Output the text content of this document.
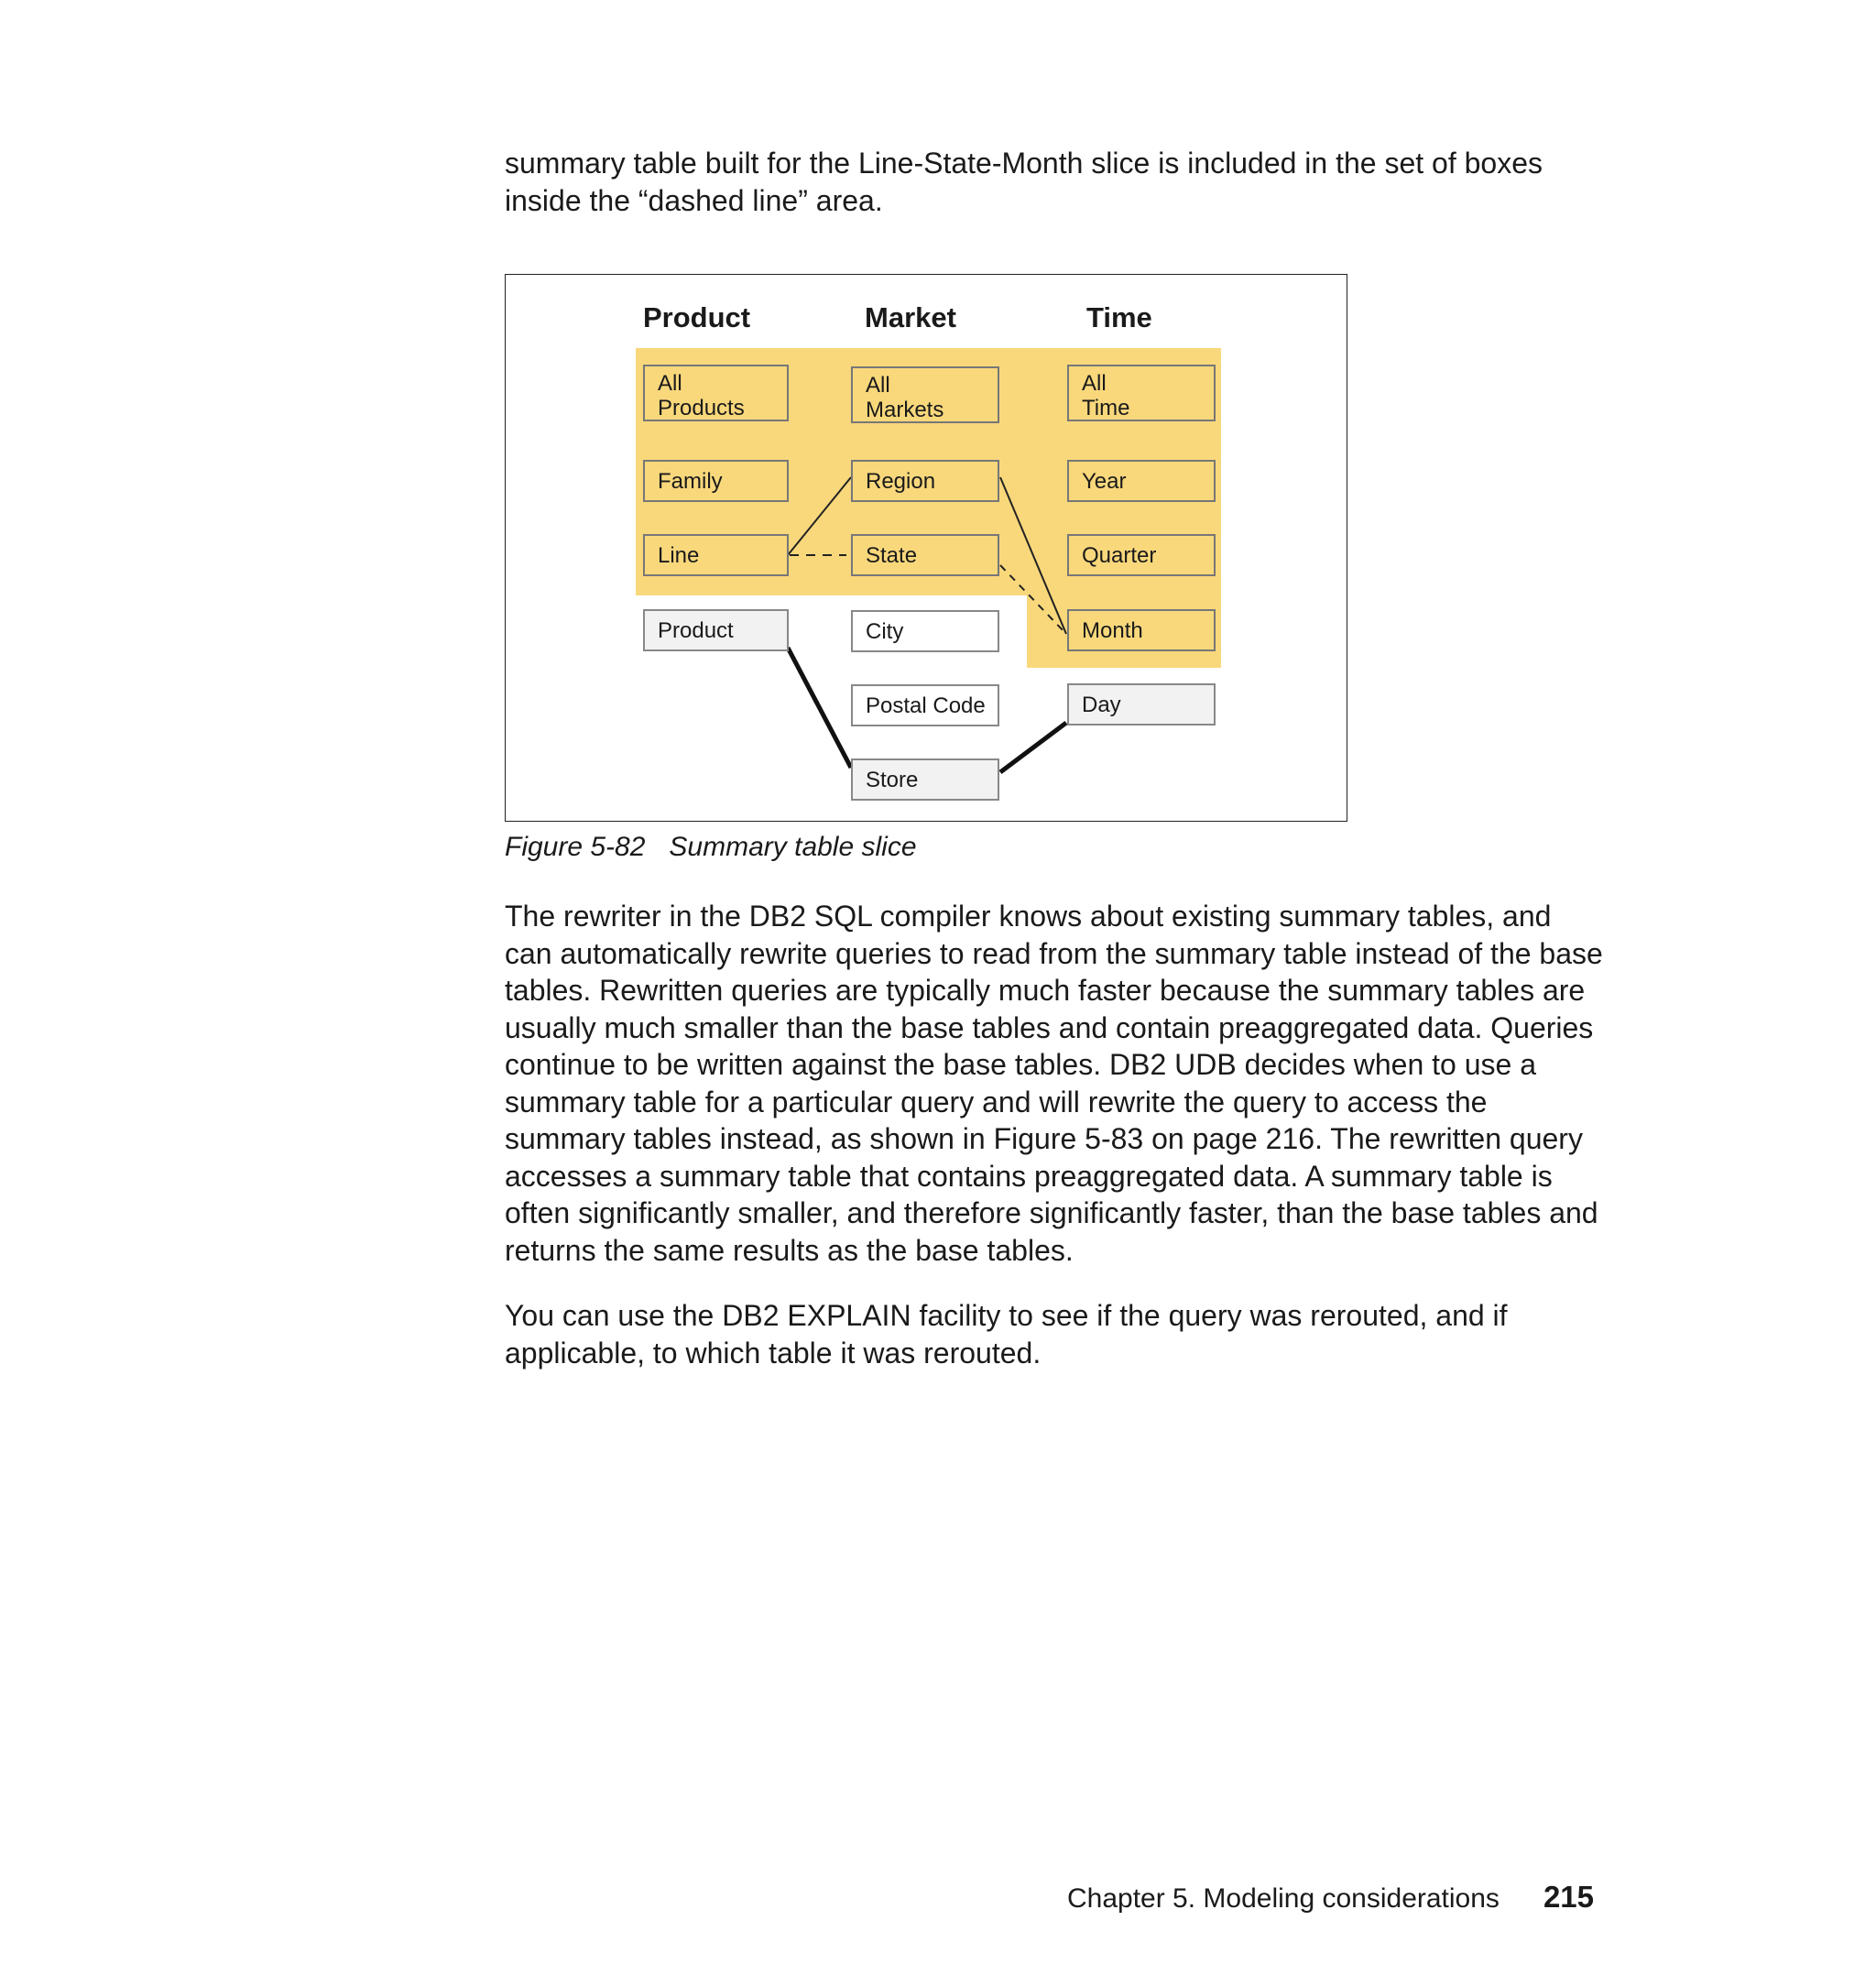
summary table built for the Line-State-Month slice is included in the set of boxes inside the “dashed line” area.

Product	Market	Time
All
Products
Family
Line
Product
All
Markets
Region
State
City
Postal Code
Store
All
Time
Year
Quarter
Month
Day

Figure 5-82 Summary table slice

The rewriter in the DB2 SQL compiler knows about existing summary tables, and can automatically rewrite queries to read from the summary table instead of the base tables. Rewritten queries are typically much faster because the summary tables are usually much smaller than the base tables and contain preaggregated data. Queries continue to be written against the base tables. DB2 UDB decides when to use a summary table for a particular query and will rewrite the query to access the summary tables instead, as shown in Figure 5-83 on page 216. The rewritten query accesses a summary table that contains preaggregated data. A summary table is often significantly smaller, and therefore significantly faster, than the base tables and returns the same results as the base tables.

You can use the DB2 EXPLAIN facility to see if the query was rerouted, and if applicable, to which table it was rerouted.

Chapter 5. Modeling considerations 215
